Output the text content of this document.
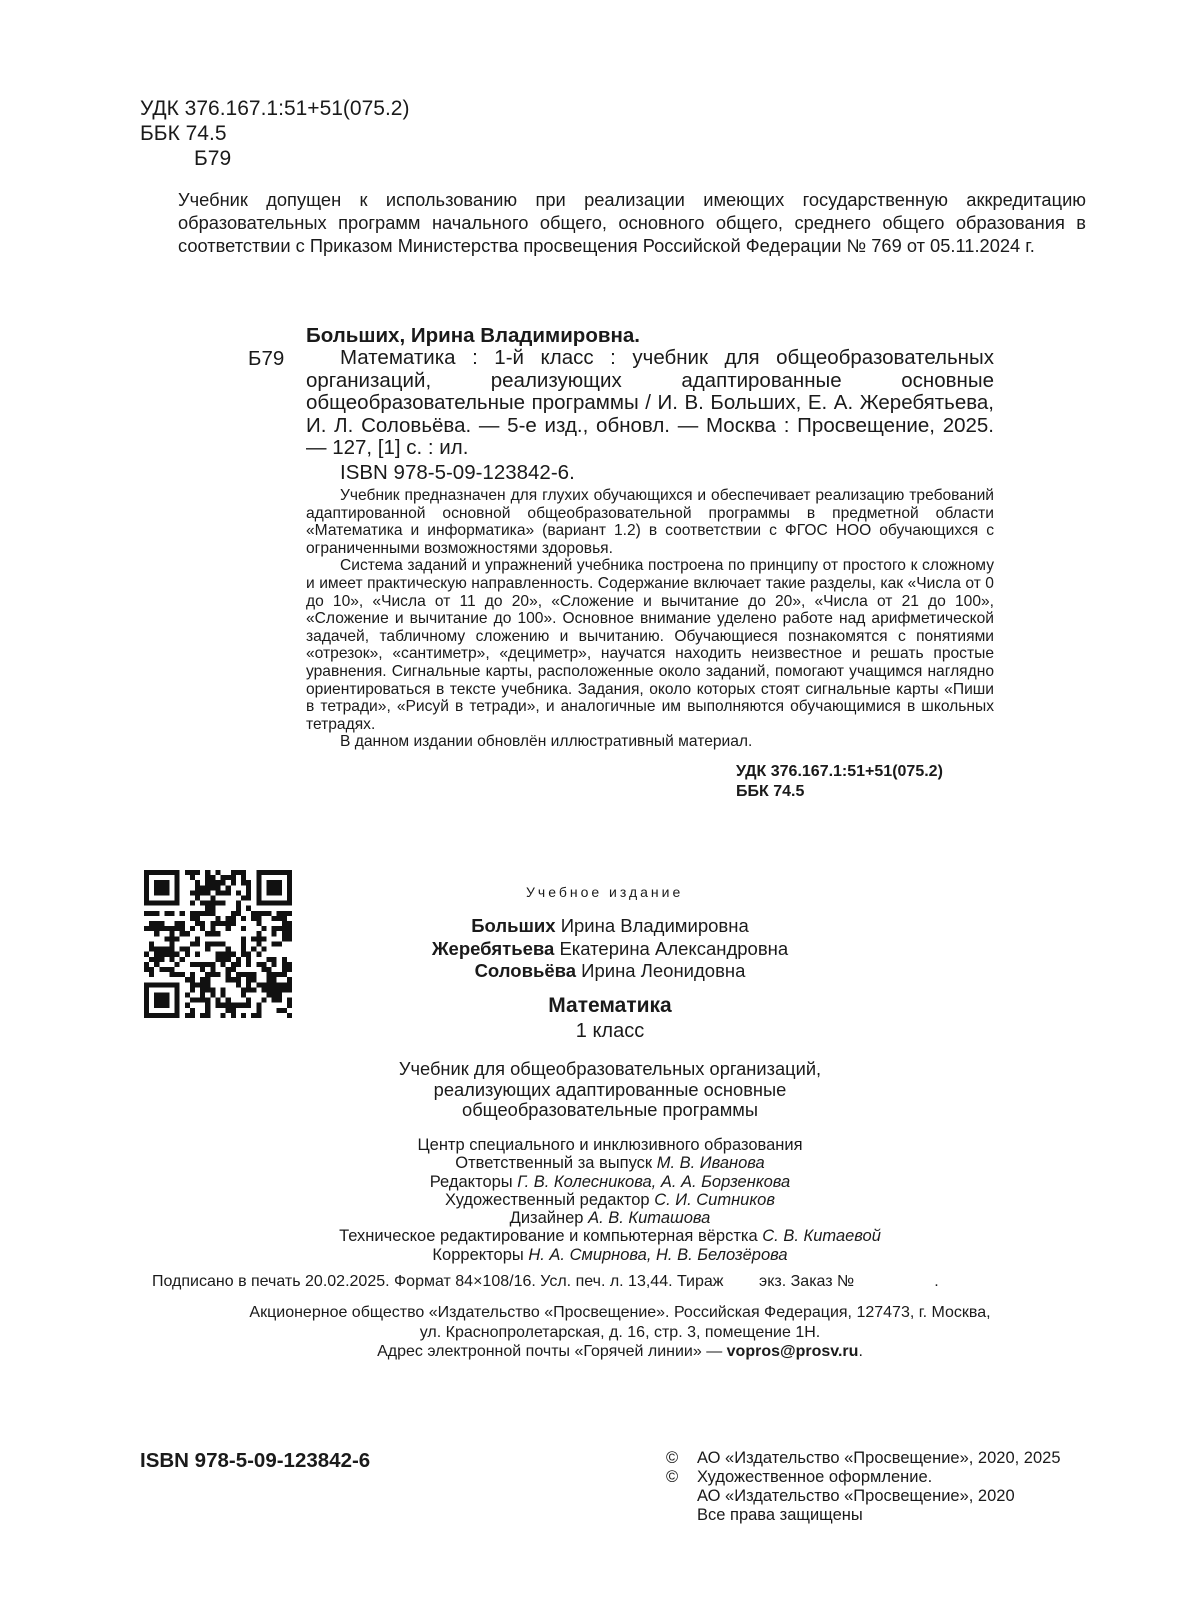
УДК 376.167.1:51+51(075.2)
ББК 74.5
Б79
Учебник допущен к использованию при реализации имеющих государственную аккредитацию образовательных программ начального общего, основного общего, среднего общего образования в соответствии с Приказом Министерства просвещения Российской Федерации № 769 от 05.11.2024 г.
Больших, Ирина Владимировна.
Б79	Математика : 1-й класс : учебник для общеобразовательных организаций, реализующих адаптированные основные общеобразовательные программы / И. В. Больших, Е. А. Жеребятьева, И. Л. Соловьёва. — 5-е изд., обновл. — Москва : Просвещение, 2025. — 127, [1] с. : ил.
ISBN 978-5-09-123842-6.

Учебник предназначен для глухих обучающихся и обеспечивает реализацию требований адаптированной основной общеобразовательной программы в предметной области «Математика и информатика» (вариант 1.2) в соответствии с ФГОС НОО обучающихся с ограниченными возможностями здоровья.

Система заданий и упражнений учебника построена по принципу от простого к сложному и имеет практическую направленность. Содержание включает такие разделы, как «Числа от 0 до 10», «Числа от 11 до 20», «Сложение и вычитание до 20», «Числа от 21 до 100», «Сложение и вычитание до 100». Основное внимание уделено работе над арифметической задачей, табличному сложению и вычитанию. Обучающиеся познакомятся с понятиями «отрезок», «сантиметр», «дециметр», научатся находить неизвестное и решать простые уравнения. Сигнальные карты, расположенные около заданий, помогают учащимся наглядно ориентироваться в тексте учебника. Задания, около которых стоят сигнальные карты «Пиши в тетради», «Рисуй в тетради», и аналогичные им выполняются обучающимися в школьных тетрадях.

В данном издании обновлён иллюстративный материал.

УДК 376.167.1:51+51(075.2)
ББК 74.5
Учебное издание
Больших Ирина Владимировна
Жеребятьева Екатерина Александровна
Соловьёва Ирина Леонидовна
Математика
1 класс
Учебник для общеобразовательных организаций,
реализующих адаптированные основные
общеобразовательные программы
Центр специального и инклюзивного образования
Ответственный за выпуск М. В. Иванова
Редакторы Г. В. Колесникова, А. А. Борзенкова
Художественный редактор С. И. Ситников
Дизайнер А. В. Киташова
Техническое редактирование и компьютерная вёрстка С. В. Китаевой
Корректоры Н. А. Смирнова, Н. В. Белозёрова
Подписано в печать 20.02.2025. Формат 84×108/16. Усл. печ. л. 13,44. Тираж        экз. Заказ №                  .
Акционерное общество «Издательство «Просвещение». Российская Федерация, 127473, г. Москва,
ул. Краснопролетарская, д. 16, стр. 3, помещение 1Н.
Адрес электронной почты «Горячей линии» — vopros@prosv.ru.
ISBN 978-5-09-123842-6	© АО «Издательство «Просвещение», 2020, 2025
© Художественное оформление.
АО «Издательство «Просвещение», 2020
Все права защищены
